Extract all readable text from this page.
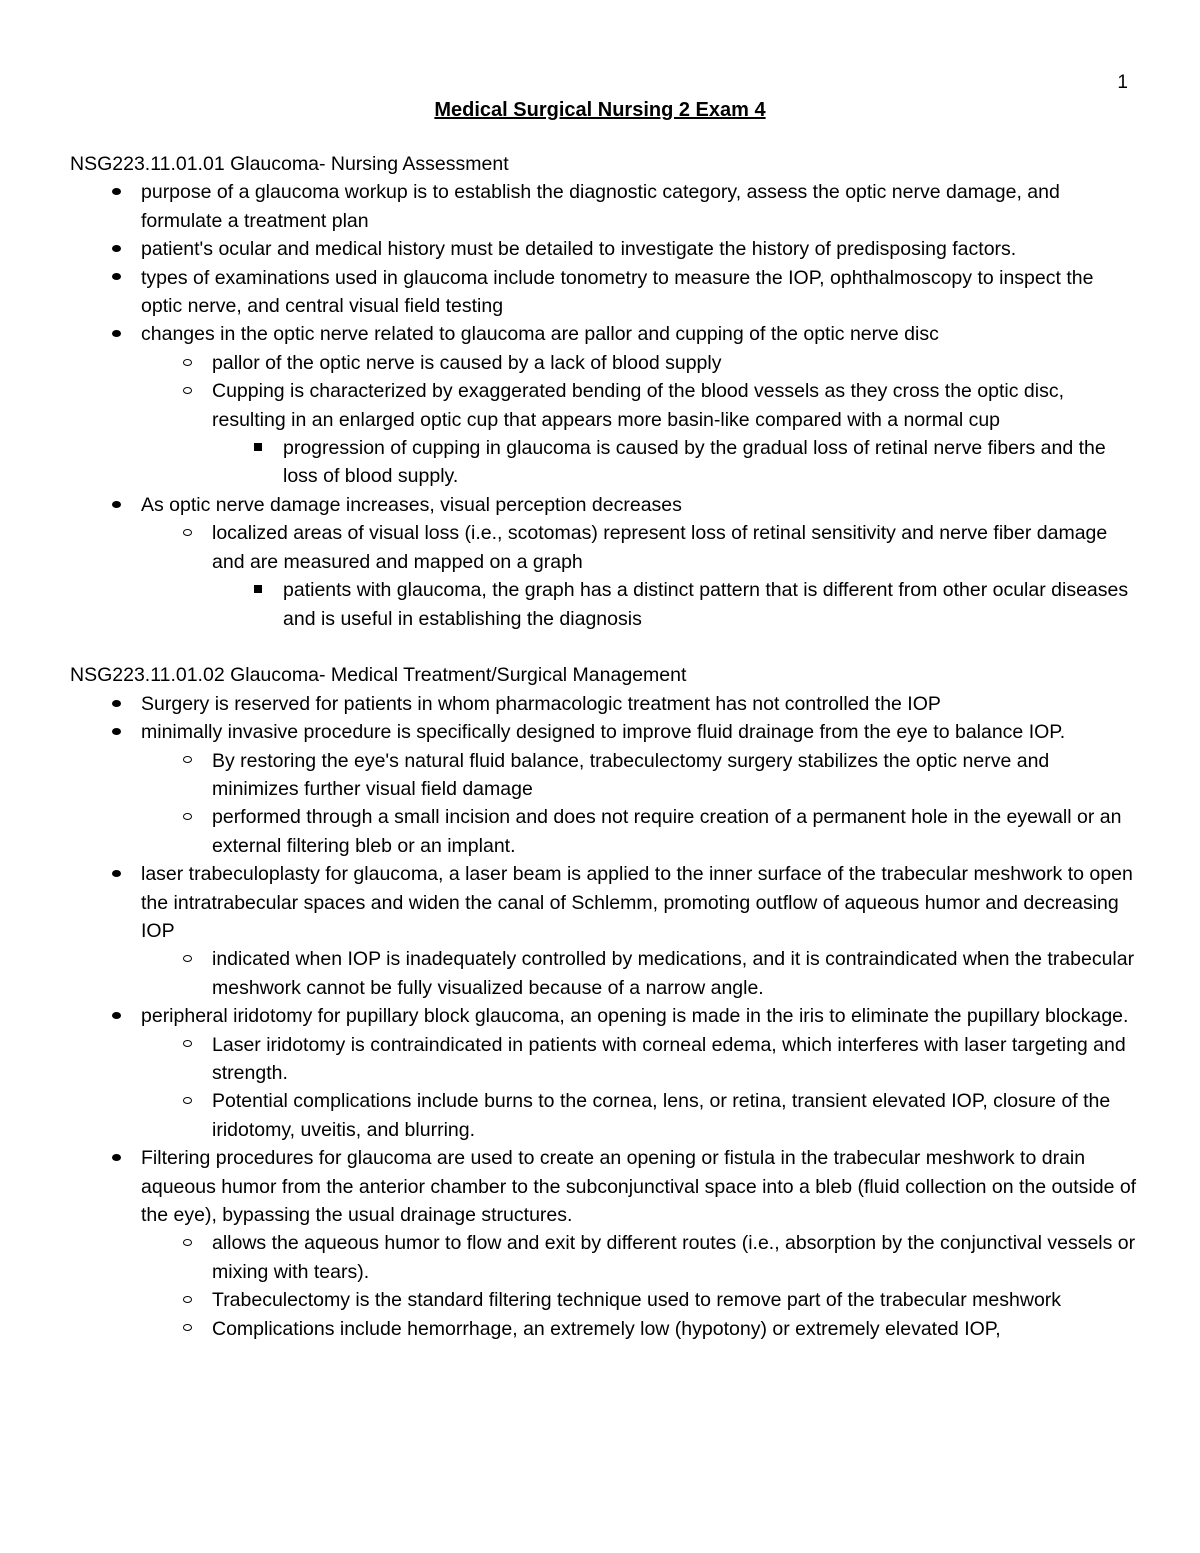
1
Medical Surgical Nursing 2 Exam 4
NSG223.11.01.01 Glaucoma- Nursing Assessment
purpose of a glaucoma workup is to establish the diagnostic category, assess the optic nerve damage, and formulate a treatment plan
patient's ocular and medical history must be detailed to investigate the history of predisposing factors.
types of examinations used in glaucoma include tonometry to measure the IOP, ophthalmoscopy to inspect the optic nerve, and central visual field testing
changes in the optic nerve related to glaucoma are pallor and cupping of the optic nerve disc
pallor of the optic nerve is caused by a lack of blood supply
Cupping is characterized by exaggerated bending of the blood vessels as they cross the optic disc, resulting in an enlarged optic cup that appears more basin-like compared with a normal cup
progression of cupping in glaucoma is caused by the gradual loss of retinal nerve fibers and the loss of blood supply.
As optic nerve damage increases, visual perception decreases
localized areas of visual loss (i.e., scotomas) represent loss of retinal sensitivity and nerve fiber damage and are measured and mapped on a graph
patients with glaucoma, the graph has a distinct pattern that is different from other ocular diseases and is useful in establishing the diagnosis
NSG223.11.01.02 Glaucoma- Medical Treatment/Surgical Management
Surgery is reserved for patients in whom pharmacologic treatment has not controlled the IOP
minimally invasive procedure is specifically designed to improve fluid drainage from the eye to balance IOP.
By restoring the eye's natural fluid balance, trabeculectomy surgery stabilizes the optic nerve and minimizes further visual field damage
performed through a small incision and does not require creation of a permanent hole in the eyewall or an external filtering bleb or an implant.
laser trabeculoplasty for glaucoma, a laser beam is applied to the inner surface of the trabecular meshwork to open the intratrabecular spaces and widen the canal of Schlemm, promoting outflow of aqueous humor and decreasing IOP
indicated when IOP is inadequately controlled by medications, and it is contraindicated when the trabecular meshwork cannot be fully visualized because of a narrow angle.
peripheral iridotomy for pupillary block glaucoma, an opening is made in the iris to eliminate the pupillary blockage.
Laser iridotomy is contraindicated in patients with corneal edema, which interferes with laser targeting and strength.
Potential complications include burns to the cornea, lens, or retina, transient elevated IOP, closure of the iridotomy, uveitis, and blurring.
Filtering procedures for glaucoma are used to create an opening or fistula in the trabecular meshwork to drain aqueous humor from the anterior chamber to the subconjunctival space into a bleb (fluid collection on the outside of the eye), bypassing the usual drainage structures.
allows the aqueous humor to flow and exit by different routes (i.e., absorption by the conjunctival vessels or mixing with tears).
Trabeculectomy is the standard filtering technique used to remove part of the trabecular meshwork
Complications include hemorrhage, an extremely low (hypotony) or extremely elevated IOP,
